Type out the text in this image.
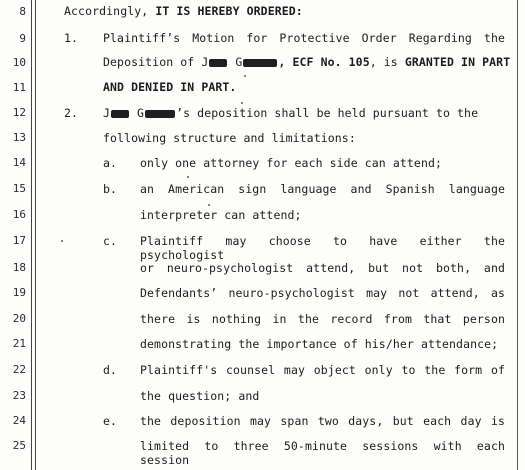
8
9
10
11
12
13
14
15
16
17
18
19
20
21
22
23
24
25
Accordingly, IT IS HEREBY ORDERED:
1. Plaintiff’s Motion for Protective Order Regarding the
Deposition of J G	, ECF No. 105, is GRANTED IN PART
AND DENIED IN PART.
2. J G	’s deposition shall be held pursuant to the
following structure and limitations:
a. only one attorney for each side can attend;
b. an American sign language and Spanish language
interpreter can attend;
c. Plaintiff may choose to have either the psychologist
or neuro-psychologist attend, but not both, and
Defendants’ neuro-psychologist may not attend, as
there is nothing in the record from that person
demonstrating the importance of his/her attendance;
d. Plaintiff's counsel may object only to the form of
the question; and
e. the deposition may span two days, but each day is
limited to three 50-minute sessions with each session
